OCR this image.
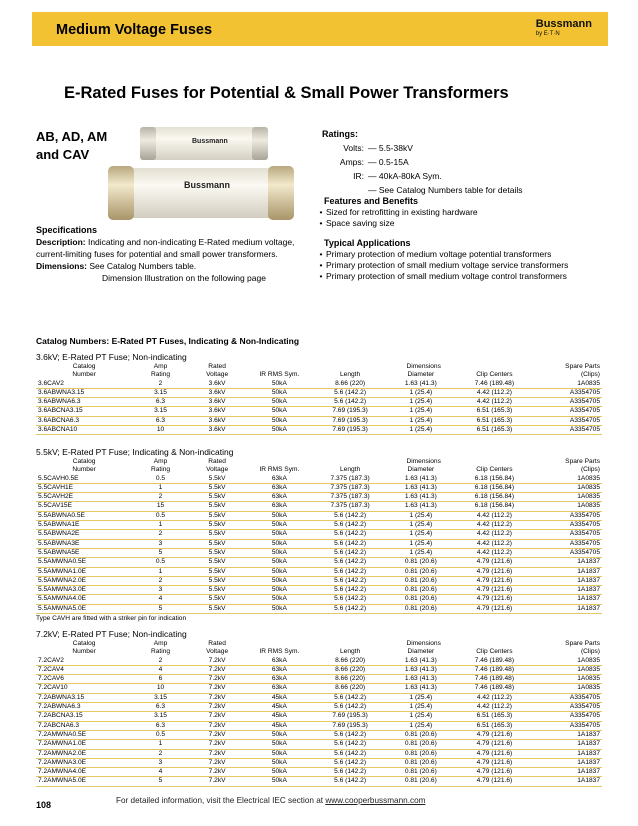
Medium Voltage Fuses	Bussmann
by E·T·N
E-Rated Fuses for Potential & Small Power Transformers
AB, AD, AM
and CAV
Bussmann
Bussmann
Specifications
Description: Indicating and non-indicating E-Rated medium voltage, current-limiting fuses for potential and small power transformers.
Dimensions: See Catalog Numbers table.
Dimension Illustration on the following page
Ratings:
Volts: — 5.5-38kV
Amps: — 0.5-15A
IR: — 40kA-80kA Sym.
— See Catalog Numbers table for details
Features and Benefits
• Sized for retrofitting in existing hardware
• Space saving size
Typical Applications
• Primary protection of medium voltage potential transformers
• Primary protection of small medium voltage service transformers
• Primary protection of small medium voltage control transformers
Catalog Numbers: E-Rated PT Fuses, Indicating & Non-Indicating
3.6kV; E-Rated PT Fuse; Non-indicating
Catalog	Amp	Rated		Dimensions			Spare Parts
Number	Rating	Voltage	IR RMS Sym.	Length	Diameter	Clip Centers	(Clips)
3.6CAV2	2	3.6kV	50kA	8.66 (220)	1.63 (41.3)	7.46 (189.48)	1A0835
3.6ABWNA3.15	3.15	3.6kV	50kA	5.6 (142.2)	1 (25.4)	4.42 (112.2)	A3354705
3.6ABWNA6.3	6.3	3.6kV	50kA	5.6 (142.2)	1 (25.4)	4.42 (112.2)	A3354705
3.6ABCNA3.15	3.15	3.6kV	50kA	7.69 (195.3)	1 (25.4)	6.51 (165.3)	A3354705
3.6ABCNA6.3	6.3	3.6kV	50kA	7.69 (195.3)	1 (25.4)	6.51 (165.3)	A3354705
3.6ABCNA10	10	3.6kV	50kA	7.69 (195.3)	1 (25.4)	6.51 (165.3)	A3354705
5.5kV; E-Rated PT Fuse; Indicating & Non-indicating
Catalog	Amp	Rated		Dimensions			Spare Parts
Number	Rating	Voltage	IR RMS Sym.	Length	Diameter	Clip Centers	(Clips)
5.5CAVH0.5E	0.5	5.5kV	63kA	7.375 (187.3)	1.63 (41.3)	6.18 (156.84)	1A0835
5.5CAVH1E	1	5.5kV	63kA	7.375 (187.3)	1.63 (41.3)	6.18 (156.84)	1A0835
5.5CAVH2E	2	5.5kV	63kA	7.375 (187.3)	1.63 (41.3)	6.18 (156.84)	1A0835
5.5CAV15E	15	5.5kV	63kA	7.375 (187.3)	1.63 (41.3)	6.18 (156.84)	1A0835
5.5ABWNA0.5E	0.5	5.5kV	50kA	5.6 (142.2)	1 (25.4)	4.42 (112.2)	A3354705
5.5ABWNA1E	1	5.5kV	50kA	5.6 (142.2)	1 (25.4)	4.42 (112.2)	A3354705
5.5ABWNA2E	2	5.5kV	50kA	5.6 (142.2)	1 (25.4)	4.42 (112.2)	A3354705
5.5ABWNA3E	3	5.5kV	50kA	5.6 (142.2)	1 (25.4)	4.42 (112.2)	A3354705
5.5ABWNA5E	5	5.5kV	50kA	5.6 (142.2)	1 (25.4)	4.42 (112.2)	A3354705
5.5AMWNA0.5E	0.5	5.5kV	50kA	5.6 (142.2)	0.81 (20.6)	4.79 (121.6)	1A1837
5.5AMWNA1.0E	1	5.5kV	50kA	5.6 (142.2)	0.81 (20.6)	4.79 (121.6)	1A1837
5.5AMWNA2.0E	2	5.5kV	50kA	5.6 (142.2)	0.81 (20.6)	4.79 (121.6)	1A1837
5.5AMWNA3.0E	3	5.5kV	50kA	5.6 (142.2)	0.81 (20.6)	4.79 (121.6)	1A1837
5.5AMWNA4.0E	4	5.5kV	50kA	5.6 (142.2)	0.81 (20.6)	4.79 (121.6)	1A1837
5.5AMWNA5.0E	5	5.5kV	50kA	5.6 (142.2)	0.81 (20.6)	4.79 (121.6)	1A1837
Type CAVH are fitted with a striker pin for indication
7.2kV; E-Rated PT Fuse; Non-indicating
Catalog	Amp	Rated		Dimensions			Spare Parts
Number	Rating	Voltage	IR RMS Sym.	Length	Diameter	Clip Centers	(Clips)
7.2CAV2	2	7.2kV	63kA	8.66 (220)	1.63 (41.3)	7.46 (189.48)	1A0835
7.2CAV4	4	7.2kV	63kA	8.66 (220)	1.63 (41.3)	7.46 (189.48)	1A0835
7.2CAV6	6	7.2kV	63kA	8.66 (220)	1.63 (41.3)	7.46 (189.48)	1A0835
7.2CAV10	10	7.2kV	63kA	8.66 (220)	1.63 (41.3)	7.46 (189.48)	1A0835
7.2ABWNA3.15	3.15	7.2kV	45kA	5.6 (142.2)	1 (25.4)	4.42 (112.2)	A3354705
7.2ABWNA6.3	6.3	7.2kV	45kA	5.6 (142.2)	1 (25.4)	4.42 (112.2)	A3354705
7.2ABCNA3.15	3.15	7.2kV	45kA	7.69 (195.3)	1 (25.4)	6.51 (165.3)	A3354705
7.2ABCNA6.3	6.3	7.2kV	45kA	7.69 (195.3)	1 (25.4)	6.51 (165.3)	A3354705
7.2AMWNA0.5E	0.5	7.2kV	50kA	5.6 (142.2)	0.81 (20.6)	4.79 (121.6)	1A1837
7.2AMWNA1.0E	1	7.2kV	50kA	5.6 (142.2)	0.81 (20.6)	4.79 (121.6)	1A1837
7.2AMWNA2.0E	2	7.2kV	50kA	5.6 (142.2)	0.81 (20.6)	4.79 (121.6)	1A1837
7.2AMWNA3.0E	3	7.2kV	50kA	5.6 (142.2)	0.81 (20.6)	4.79 (121.6)	1A1837
7.2AMWNA4.0E	4	7.2kV	50kA	5.6 (142.2)	0.81 (20.6)	4.79 (121.6)	1A1837
7.2AMWNA5.0E	5	7.2kV	50kA	5.6 (142.2)	0.81 (20.6)	4.79 (121.6)	1A1837
108	For detailed information, visit the Electrical IEC section at www.cooperbussmann.com
